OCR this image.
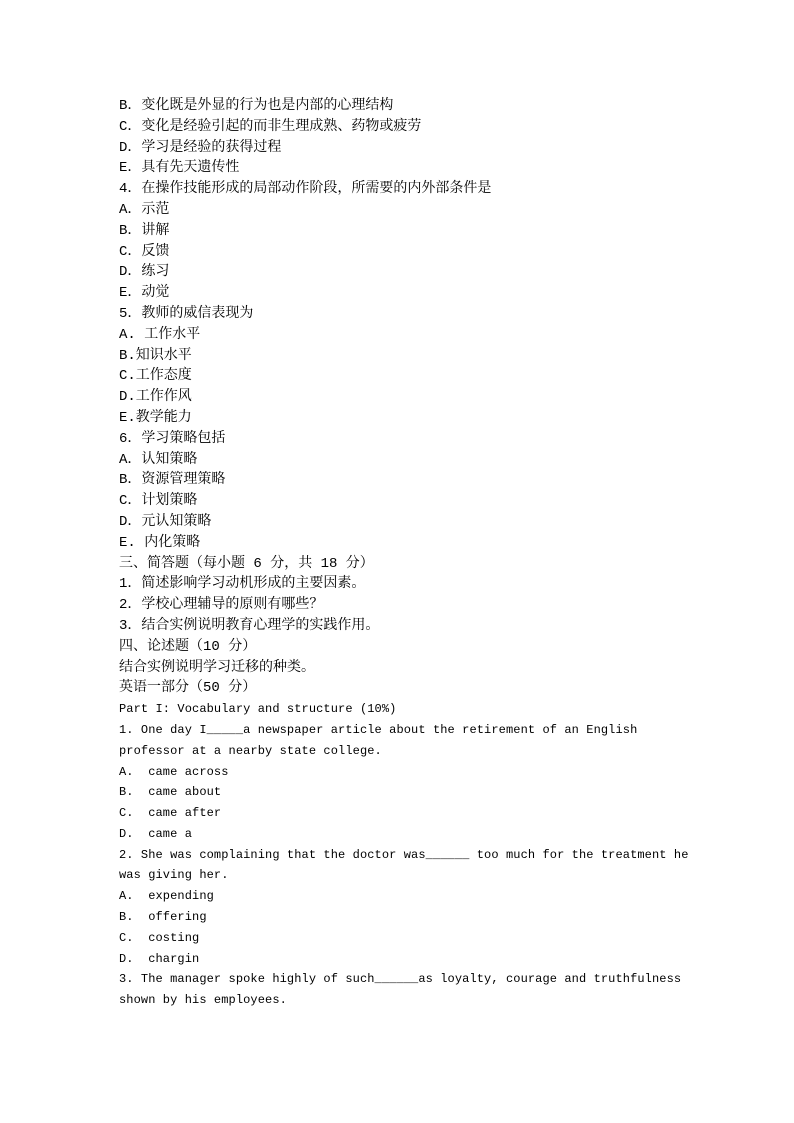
B．变化既是外显的行为也是内部的心理结构
C．变化是经验引起的而非生理成熟、药物或疲劳
D．学习是经验的获得过程
E．具有先天遗传性
4．在操作技能形成的局部动作阶段，所需要的内外部条件是
A．示范
B．讲解
C．反馈
D．练习
E．动觉
5．教师的威信表现为
A. 工作水平
B.知识水平
C.工作态度
D.工作作风
E.教学能力
6．学习策略包括
A．认知策略
B．资源管理策略
C．计划策略
D．元认知策略
E. 内化策略
三、简答题（每小题 6 分，共 18 分）
1．简述影响学习动机形成的主要因素。
2．学校心理辅导的原则有哪些？
3．结合实例说明教育心理学的实践作用。
四、论述题（10 分）
结合实例说明学习迁移的种类。
英语一部分（50 分）
Part I: Vocabulary and structure (10%)
1. One day I_____a newspaper article about the retirement of an English
professor at a nearby state college.
A.  came across
B.  came about
C.  came after
D.  came a
2. She was complaining that the doctor was______ too much for the treatment he
was giving her.
A.  expending
B.  offering
C.  costing
D.  chargin
3. The manager spoke highly of such______as loyalty, courage and truthfulness
shown by his employees.
